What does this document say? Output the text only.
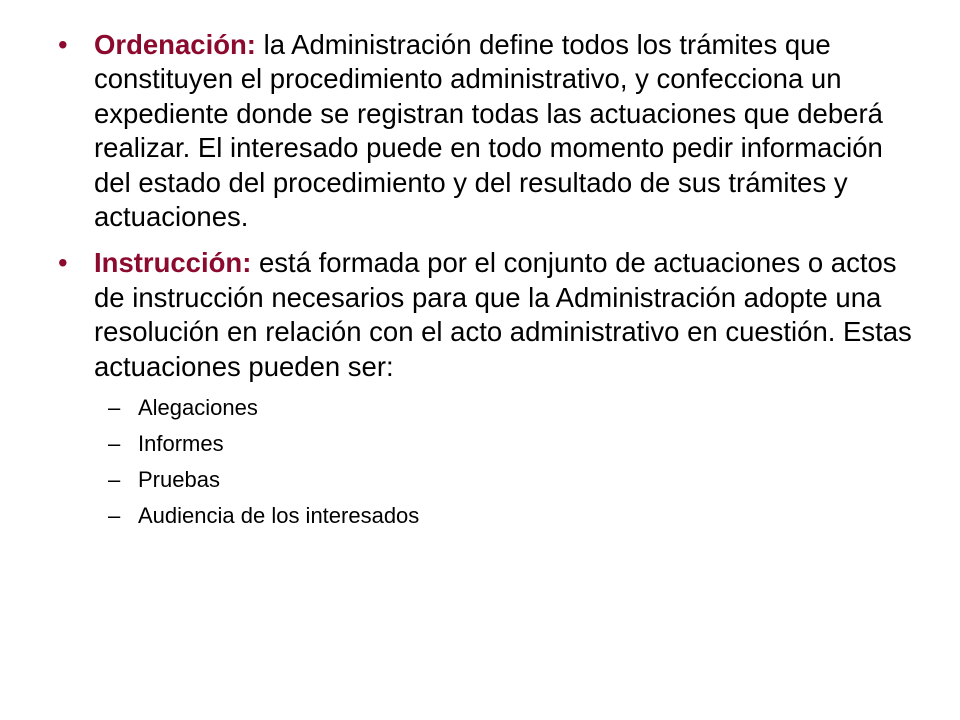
• Ordenación: la Administración define todos los trámites que constituyen el procedimiento administrativo, y confecciona un expediente donde se registran todas las actuaciones que deberá realizar. El interesado puede en todo momento pedir información del estado del procedimiento y del resultado de sus trámites y actuaciones.
• Instrucción: está formada por el conjunto de actuaciones o actos de instrucción necesarios para que la Administración adopte una resolución en relación con el acto administrativo en cuestión. Estas actuaciones pueden ser:
– Alegaciones
– Informes
– Pruebas
– Audiencia de los interesados
